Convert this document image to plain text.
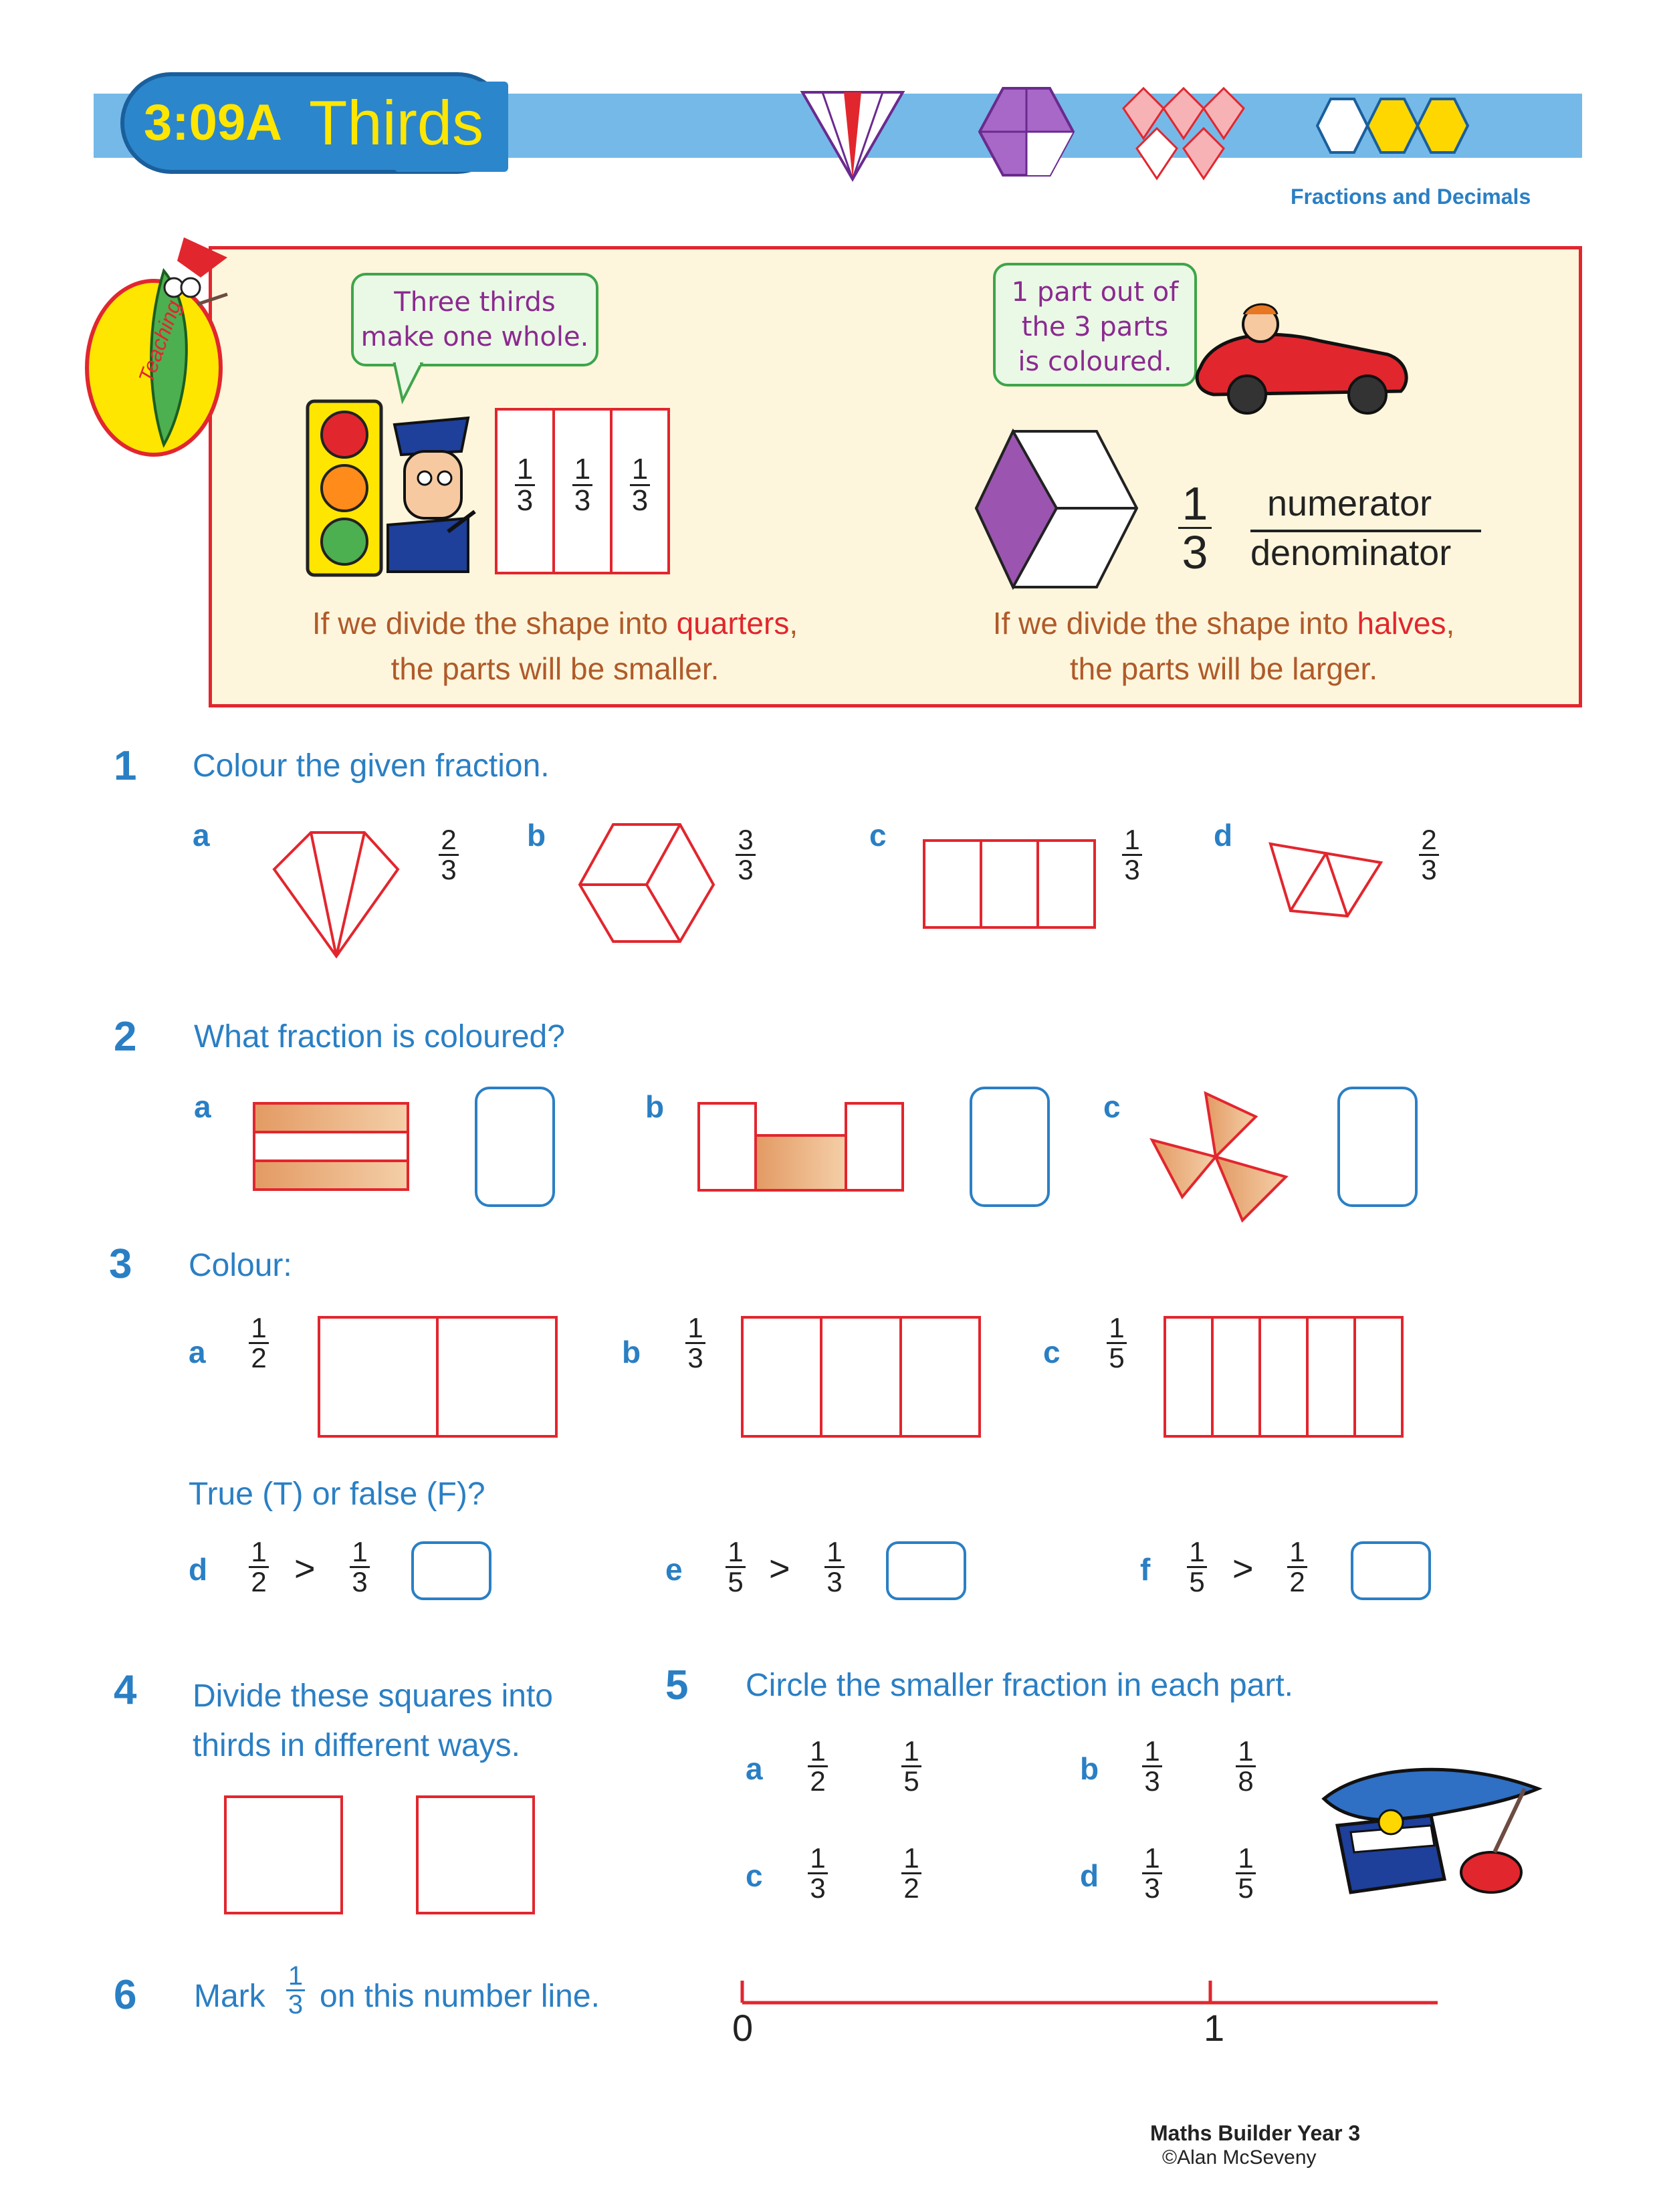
3:09A Thirds
Fractions and Decimals
Teaching	Three thirds
make one whole.
$\frac{1}{3} \frac{1}{3} \frac{1}{3}$
If we divide the shape into quarters,
the parts will be smaller.
1 part out of
the 3 parts
is coloured.
$\frac{1}{3}$ numerator
denominator
If we divide the shape into halves,
the parts will be larger.
1 Colour the given fraction.
a	$\frac{2}{3}$ b	$\frac{3}{3}$	c	$\frac{1}{3}$ d	$\frac{2}{3}$
2 What fraction is coloured?
a	b	c
3 Colour:
a $\frac{1}{2}$	b $\frac{1}{3}$	c $\frac{1}{5}$
True (T) or false (F)?
d $\frac{1}{2} > \frac{1}{3}$	e $\frac{1}{5} > \frac{1}{3}$	f $\frac{1}{5} > \frac{1}{2}$
4 Divide these squares into
thirds in different ways.
5 Circle the smaller fraction in each part.
a $\frac{1}{2}$	$\frac{1}{5}$	b $\frac{1}{3}$	$\frac{1}{8}$
c $\frac{1}{3}$	$\frac{1}{2}$	d $\frac{1}{3}$	$\frac{1}{5}$
6 Mark $\frac{1}{3}$ on this number line.
0	1
Maths Builder Year 3
©Alan McSeveny
